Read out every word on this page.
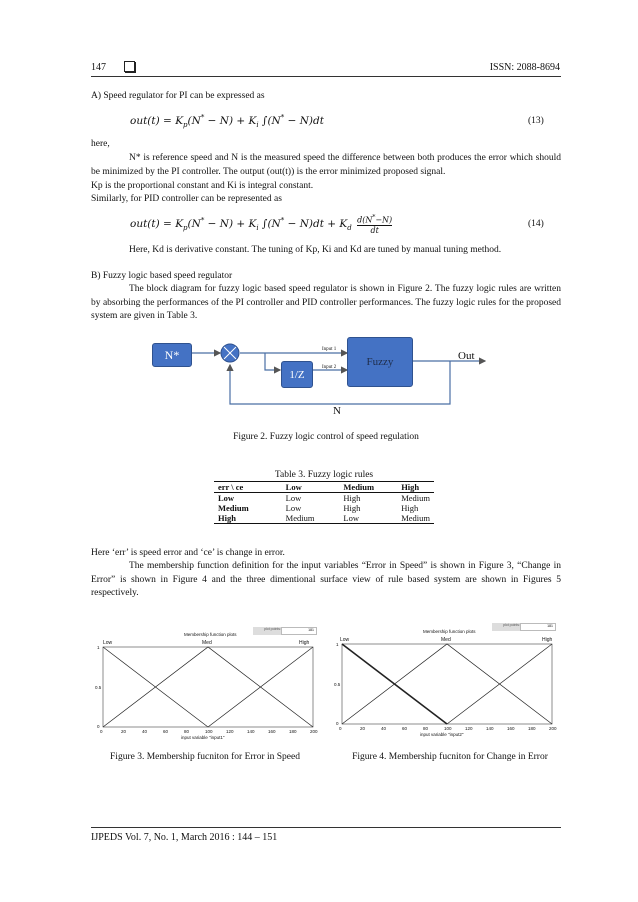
147	ISSN: 2088-8694

A) Speed regulator for PI can be expressed as

$out(t) = K_p(N^* - N) + K_i$ ∫(N* − N)dt	(13)

here,

N* is reference speed and N is the measured speed the difference between both produces the error which should be minimized by the PI controller. The output (out(t)) is the error minimized proposed signal.

Kp is the proportional constant and Ki is integral constant.

Similarly, for PID controller can be represented as

$out(t) = K_p(N^* - N) + K_i$ $\int(N^* - N)dt + K_d \frac{d(N^*-N)}{dt}$	(14)

Here, Kd is derivative constant. The tuning of Kp, Ki and Kd are tuned by manual tuning method.

B) Fuzzy logic based speed regulator

The block diagram for fuzzy logic based speed regulator is shown in Figure 2. The fuzzy logic rules are written by absorbing the performances of the PI controller and PID controller performances. The fuzzy logic rules for the proposed system are given in Table 3.

N*
1/Z
Fuzzy
Input 1
Input 2
Out
N
Figure 2. Fuzzy logic control of speed regulation
Table 3. Fuzzy logic rules
err \ ce	Low	Medium	High
Low	Low	High	Medium
Medium	Low	High	High
High	Medium	Low	Medium

Here ‘err’ is speed error and ‘ce’ is change in error.

The membership function definition for the input variables “Error in Speed” is shown in Figure 3, “Change in Error” is shown in Figure 4 and the three dimentional surface view of rule based system are shown in Figures 5 respectively.

Membership function plots
plot points:	181
Low	Med	High
0.5
0
1
0	20	40	60	80	100	120	140	160	180	200
input variable "input1"
Figure 3. Membership fucniton for Error in Speed
Membership function plots
plot points:	181
Low	Med	High
0.5
0
1
0	20	40	60	80	100	120	140	160	180	200
input variable "input2"
Figure 4. Membership fucniton for Change in Error
IJPEDS Vol. 7, No. 1, March 2016 : 144 – 151
